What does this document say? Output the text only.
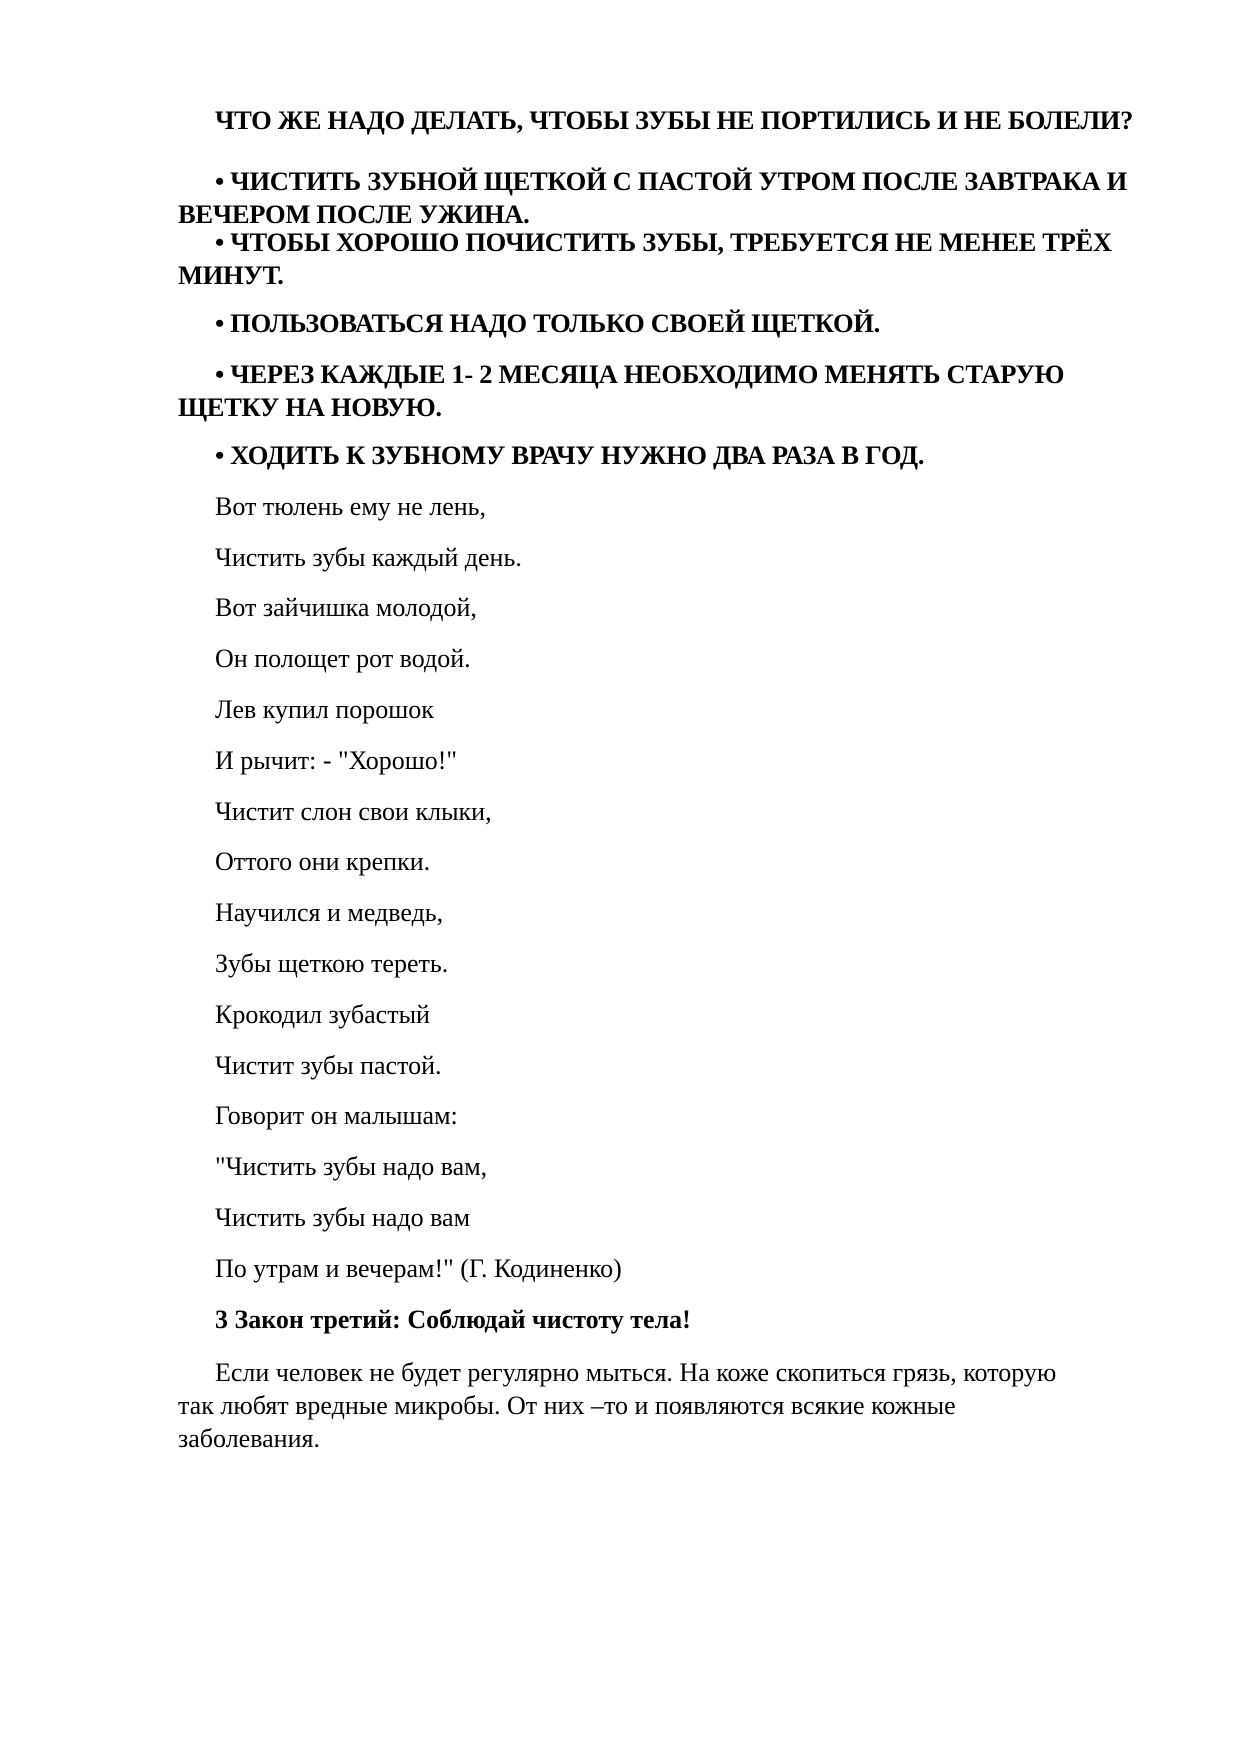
ЧТО ЖЕ НАДО ДЕЛАТЬ, ЧТОБЫ ЗУБЫ НЕ ПОРТИЛИСЬ И НЕ БОЛЕЛИ?
• ЧИСТИТЬ ЗУБНОЙ ЩЕТКОЙ С ПАСТОЙ УТРОМ ПОСЛЕ ЗАВТРАКА И ВЕЧЕРОМ ПОСЛЕ УЖИНА.
• ЧТОБЫ ХОРОШО ПОЧИСТИТЬ ЗУБЫ, ТРЕБУЕТСЯ НЕ МЕНЕЕ ТРЁХ МИНУТ.
• ПОЛЬЗОВАТЬСЯ НАДО ТОЛЬКО СВОЕЙ ЩЕТКОЙ.
• ЧЕРЕЗ КАЖДЫЕ 1- 2 МЕСЯЦА НЕОБХОДИМО МЕНЯТЬ СТАРУЮ ЩЕТКУ НА НОВУЮ.
• ХОДИТЬ К ЗУБНОМУ ВРАЧУ НУЖНО ДВА РАЗА В ГОД.
Вот тюлень ему не лень,
Чистить зубы каждый день.
Вот зайчишка молодой,
Он полощет рот водой.
Лев купил порошок
И рычит: - "Хорошо!"
Чистит слон свои клыки,
Оттого они крепки.
Научился и медведь,
Зубы щеткою тереть.
Крокодил зубастый
Чистит зубы пастой.
Говорит он малышам:
"Чистить зубы надо вам,
Чистить зубы надо вам
По утрам и вечерам!" (Г. Кодиненко)
3 Закон третий: Соблюдай чистоту тела!
Если человек не будет регулярно мыться. На коже скопиться грязь, которую так любят вредные микробы. От них –то и появляются всякие кожные заболевания.
